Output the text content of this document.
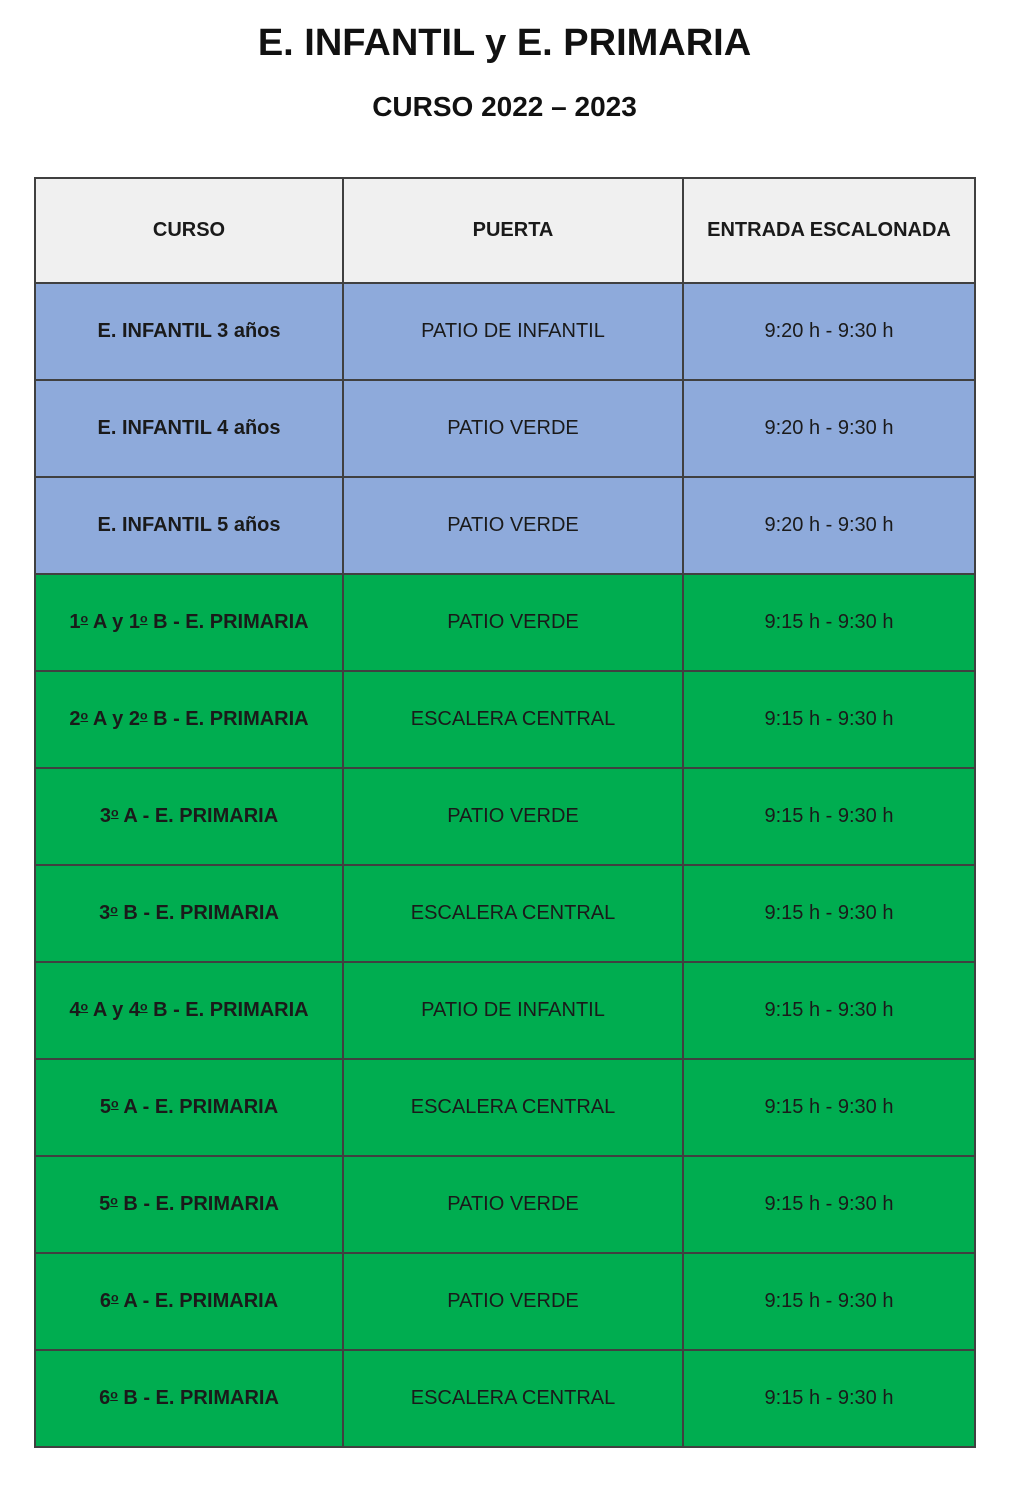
E. INFANTIL y E. PRIMARIA
CURSO 2022 – 2023
CURSO	PUERTA	ENTRADA ESCALONADA
E. INFANTIL 3 años	PATIO DE INFANTIL	9:20 h - 9:30 h
E. INFANTIL 4 años	PATIO VERDE	9:20 h - 9:30 h
E. INFANTIL 5 años	PATIO VERDE	9:20 h - 9:30 h
1$^o$ A y 1$^o$ B - E. PRIMARIA	PATIO VERDE	9:15 h - 9:30 h
2$^o$ A y 2$^o$ B - E. PRIMARIA	ESCALERA CENTRAL	9:15 h - 9:30 h
3$^o$ A - E. PRIMARIA	PATIO VERDE	9:15 h - 9:30 h
3$^o$ B - E. PRIMARIA	ESCALERA CENTRAL	9:15 h - 9:30 h
4$^o$ A y 4$^o$ B - E. PRIMARIA	PATIO DE INFANTIL	9:15 h - 9:30 h
5$^o$ A - E. PRIMARIA	ESCALERA CENTRAL	9:15 h - 9:30 h
5$^o$ B - E. PRIMARIA	PATIO VERDE	9:15 h - 9:30 h
6$^o$ A - E. PRIMARIA	PATIO VERDE	9:15 h - 9:30 h
6$^o$ B - E. PRIMARIA	ESCALERA CENTRAL	9:15 h - 9:30 h
